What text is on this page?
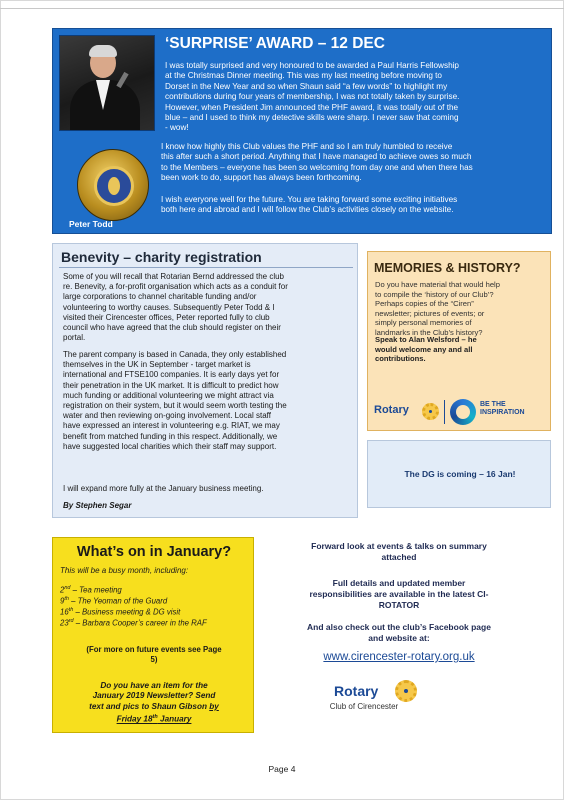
‘SURPRISE’ AWARD – 12 DEC
I was totally surprised and very honoured to be awarded a Paul Harris Fellowship
at the Christmas Dinner meeting. This was my last meeting before moving to
Dorset in the New Year and so when Shaun said “a few words” to highlight my
contributions during four years of membership, I was not totally taken by surprise.
However, when President Jim announced the PHF award, it was totally out of the
blue – and I used to think my detective skills were sharp. I never saw that coming
- wow!
I know how highly this Club values the PHF and so I am truly humbled to receive
this after such a short period. Anything that I have managed to achieve owes so much
to the Members – everyone has been so welcoming from day one and when there has
been work to do, support has always been forthcoming.
I wish everyone well for the future. You are taking forward some exciting initiatives
both here and abroad and I will follow the Club’s activities closely on the website.
Peter Todd
Benevity – charity registration
Some of you will recall that Rotarian Bernd addressed the club
re. Benevity, a for-profit organisation which acts as a conduit for
large corporations to channel charitable funding and/or
volunteering to worthy causes. Subsequently Peter Todd & I
visited their Cirencester offices, Peter reported fully to club
council who have agreed that the club should register on their
portal.
The parent company is based in Canada, they only established
themselves in the UK in September - target market is
international and FTSE100 companies. It is early days yet for
their penetration in the UK market. It is difficult to predict how
much funding or additional volunteering we might attract via
registration on their system, but it would seem worth testing the
water and then reviewing on-going involvement. Local staff
have expressed an interest in volunteering e.g. RIAT, we may
benefit from matched funding in this respect. Additionally, we
have suggested local charities which their staff may support.
I will expand more fully at the January business meeting.
By Stephen Segar
MEMORIES & HISTORY?
Do you have material that would help
to compile the ‘history of our Club’?
Perhaps copies of the “Ciren”
newsletter; pictures of events; or
simply personal memories of
landmarks in the Club’s history?
Speak to Alan Welsford – he
would welcome any and all
contributions.
Rotary	BE THE
INSPIRATION
The DG is coming – 16 Jan!
What’s on in January?
This will be a busy month, including:
2nd – Tea meeting
9th – The Yeoman of the Guard
16th – Business meeting & DG visit
23rd – Barbara Cooper’s career in the RAF
(For more on future events see Page
5)
Do you have an item for the
January 2019 Newsletter? Send
text and pics to Shaun Gibson by
Friday 18th January
Forward look at events & talks on summary
attached
Full details and updated member
responsibilities are available in the latest CI-
ROTATOR
And also check out the club’s Facebook page
and website at:
www.cirencester-rotary.org.uk
Rotary
Club of Cirencester
Page 4
